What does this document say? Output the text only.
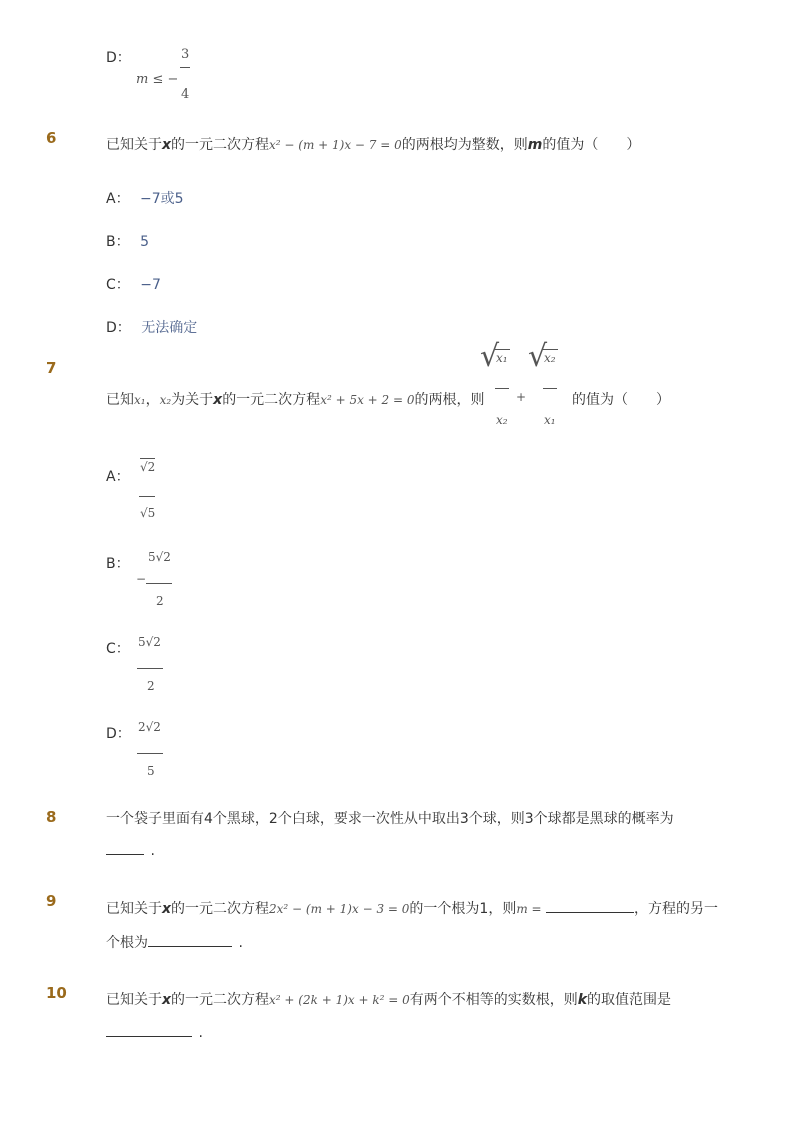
D：
m ≤ −
3
4
6	已知关于x的一元二次方程x² − (m + 1)x − 7 = 0的两根均为整数，则m的值为（　　）
A： −7或5
B： 5
C： −7
D： 无法确定
7
已知x₁，x₂为关于x的一元二次方程x² + 5x + 2 = 0的两根，则
√
x₁
x₂
+
√
x₂
x₁
的值为（　　）
A：
√2
√5
B：
−
5√2
2
C： 5√2
2
D： 2√2
5
8	一个袋子里面有4个黑球，2个白球，要求一次性从中取出3个球，则3个球都是黑球的概率为
.
9	已知关于x的一元二次方程2x² − (m + 1)x − 3 = 0的一个根为1，则m =	，方程的另一
个根为	.
10	已知关于x的一元二次方程x² + (2k + 1)x + k² = 0有两个不相等的实数根，则k的取值范围是
.
